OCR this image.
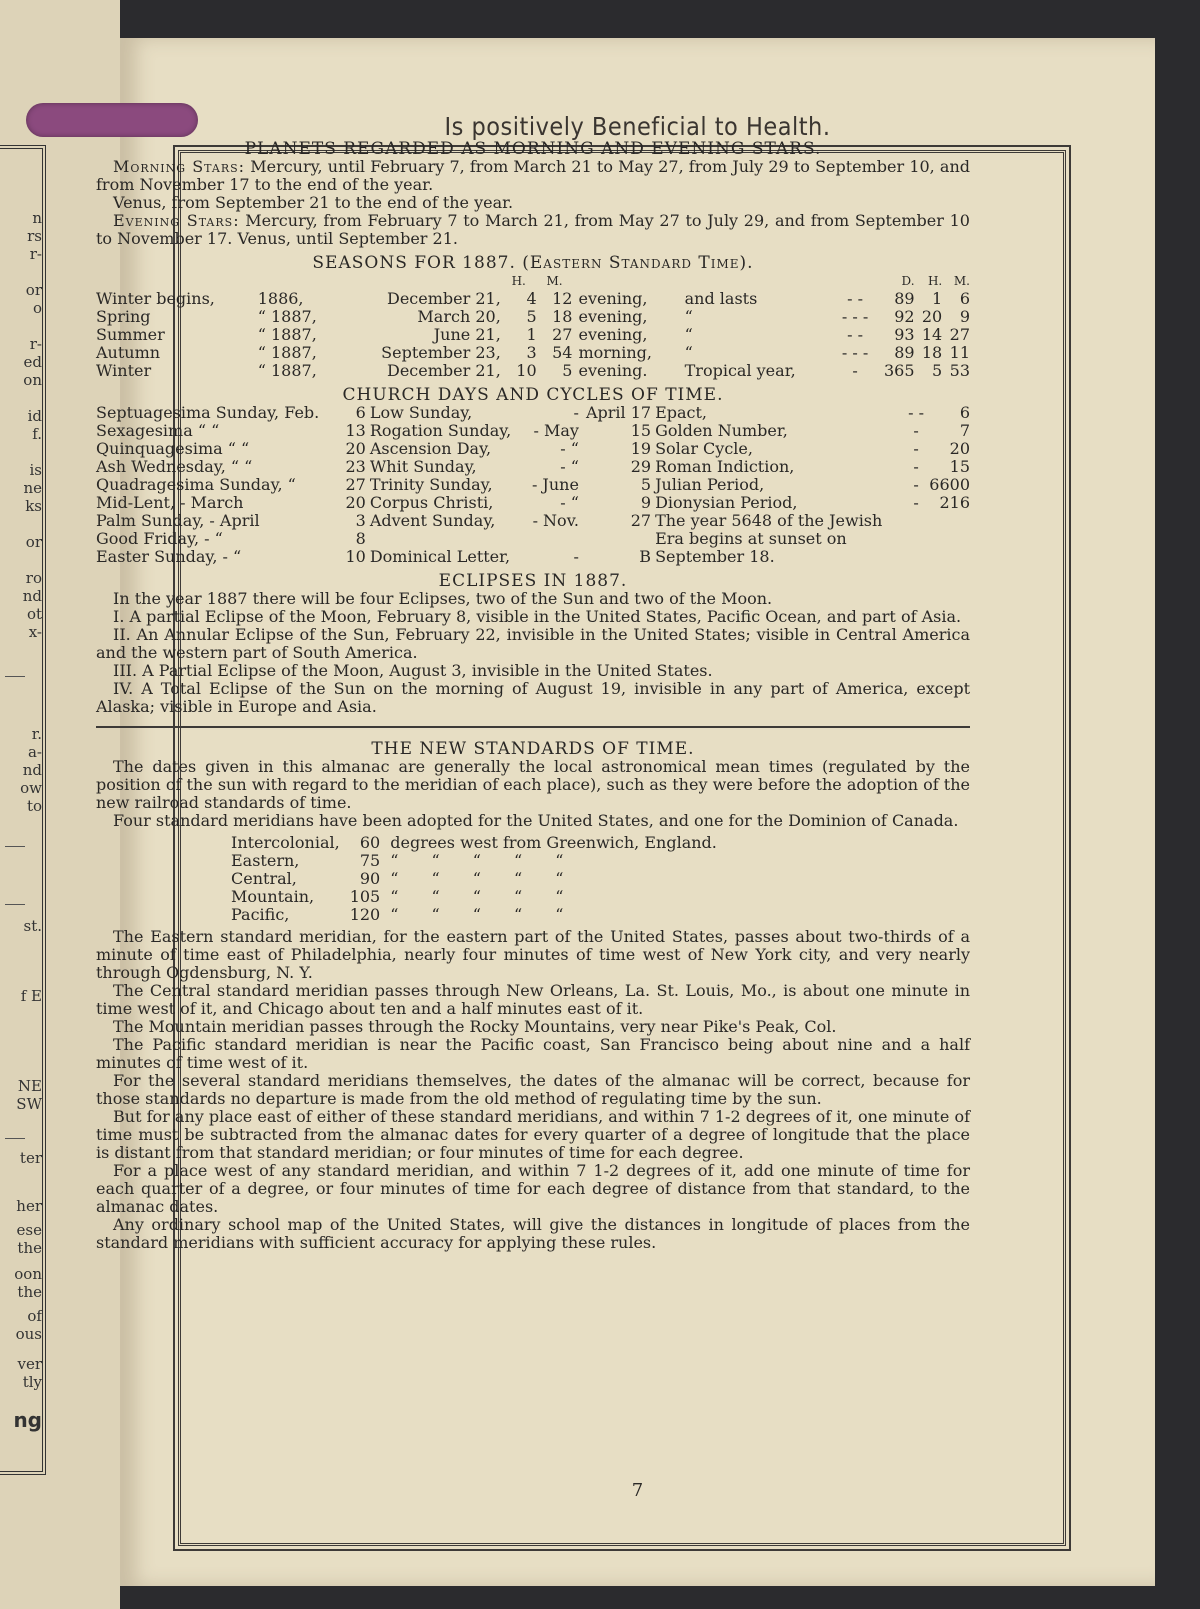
n
rs
r-
or
o
r-
ed
on
id
f.
is
ne
ks
or
ro
nd
ot
x-
r.
a-
nd
ow
to
st.
f E
NE
SW
ter
her
ese
the
oon
the
of
ous
ver
tly
ng
Is positively Beneficial to Health.
7

PLANETS REGARDED AS MORNING AND EVENING STARS.

Morning Stars: Mercury, until February 7, from March 21 to May 27, from July 29 to September 10, and from November 17 to the end of the year.

Venus, from September 21 to the end of the year.

Evening Stars: Mercury, from February 7 to March 21, from May 27 to July 29, and from September 10 to November 17. Venus, until September 21.

SEASONS FOR 1887. (Eastern Standard Time).

			H.	M.				D.	H.	M.
Winter begins,	1886,	December 21,	4	12	evening,	and lasts	- -	89	1	6
Spring	“ 1887,	March 20,	5	18	evening,	“	- - -	92	20	9
Summer	“ 1887,	June 21,	1	27	evening,	“	- -	93	14	27
Autumn	“ 1887,	September 23,	3	54	morning,	“	- - -	89	18	11
Winter	“ 1887,	December 21,	10	5	evening.	Tropical year,	-	365	5	53

CHURCH DAYS AND CYCLES OF TIME.

Septuagesima Sunday, Feb.	6	Low Sunday,	-	April 17	Epact,	- -	6
Sexagesima “ “	13	Rogation Sunday,	- May	15	Golden Number,	-	7
Quinquagesima “ “	20	Ascension Day,	- “	19	Solar Cycle,	-	20
Ash Wednesday, “ “	23	Whit Sunday,	- “	29	Roman Indiction,	-	15
Quadragesima Sunday, “	27	Trinity Sunday,	- June	5	Julian Period,	-	6600
Mid-Lent, - March	20	Corpus Christi,	- “	9	Dionysian Period,	-	216
Palm Sunday, - April	3	Advent Sunday,	- Nov.	27	The year 5648 of the Jewish		
Good Friday, - “	8				Era begins at sunset on		
Easter Sunday, - “	10	Dominical Letter,	-	B	September 18.		

ECLIPSES IN 1887.

In the year 1887 there will be four Eclipses, two of the Sun and two of the Moon.

I. A partial Eclipse of the Moon, February 8, visible in the United States, Pacific Ocean, and part of Asia.

II. An Annular Eclipse of the Sun, February 22, invisible in the United States; visible in Central America and the western part of South America.

III. A Partial Eclipse of the Moon, August 3, invisible in the United States.

IV. A Total Eclipse of the Sun on the morning of August 19, invisible in any part of America, except Alaska; visible in Europe and Asia.

THE NEW STANDARDS OF TIME.

The dates given in this almanac are generally the local astronomical mean times (regulated by the position of the sun with regard to the meridian of each place), such as they were before the adoption of the new railroad standards of time.

Four standard meridians have been adopted for the United States, and one for the Dominion of Canada.

Intercolonial,	60	degrees west from Greenwich, England.
Eastern,	75	“ “ “ “ “
Central,	90	“ “ “ “ “
Mountain,	105	“ “ “ “ “
Pacific,	120	“ “ “ “ “

The Eastern standard meridian, for the eastern part of the United States, passes about two-thirds of a minute of time east of Philadelphia, nearly four minutes of time west of New York city, and very nearly through Ogdensburg, N. Y.

The Central standard meridian passes through New Orleans, La. St. Louis, Mo., is about one minute in time west of it, and Chicago about ten and a half minutes east of it.

The Mountain meridian passes through the Rocky Mountains, very near Pike's Peak, Col.

The Pacific standard meridian is near the Pacific coast, San Francisco being about nine and a half minutes of time west of it.

For the several standard meridians themselves, the dates of the almanac will be correct, because for those standards no departure is made from the old method of regulating time by the sun.

But for any place east of either of these standard meridians, and within 7 1-2 degrees of it, one minute of time must be subtracted from the almanac dates for every quarter of a degree of longitude that the place is distant from that standard meridian; or four minutes of time for each degree.

For a place west of any standard meridian, and within 7 1-2 degrees of it, add one minute of time for each quarter of a degree, or four minutes of time for each degree of distance from that standard, to the almanac dates.

Any ordinary school map of the United States, will give the distances in longitude of places from the standard meridians with sufficient accuracy for applying these rules.
